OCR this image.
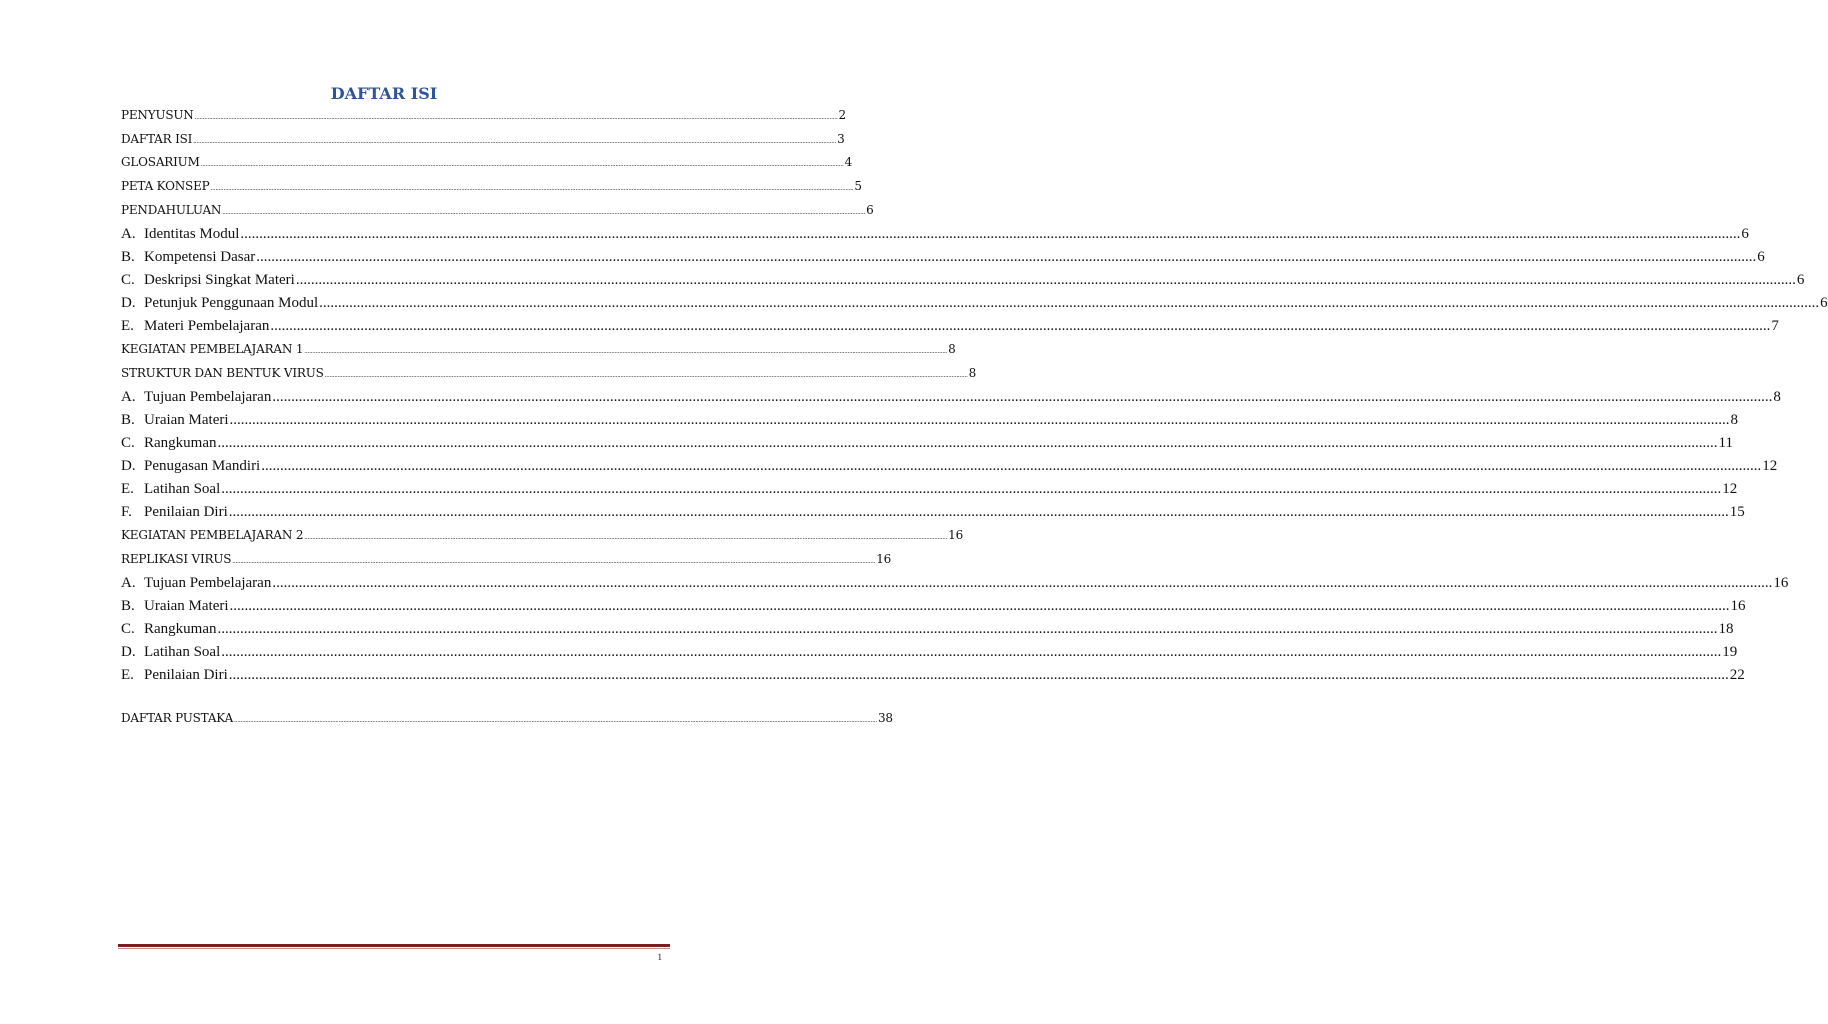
DAFTAR ISI
PENYUSUN ................................................................................................................................................................................................................................................................................................................................................................................................................ 2
DAFTAR ISI ................................................................................................................................................................................................................................................................................................................................................................................................................ 3
GLOSARIUM ................................................................................................................................................................................................................................................................................................................................................................................................................ 4
PETA KONSEP ................................................................................................................................................................................................................................................................................................................................................................................................................ 5
PENDAHULUAN ................................................................................................................................................................................................................................................................................................................................................................................................................ 6
A. Identitas Modul ................................................................................................................................................................................................................................................................................................................................................................................................................ 6
B. Kompetensi Dasar ................................................................................................................................................................................................................................................................................................................................................................................................................ 6
C. Deskripsi Singkat Materi ................................................................................................................................................................................................................................................................................................................................................................................................................ 6
D. Petunjuk Penggunaan Modul ................................................................................................................................................................................................................................................................................................................................................................................................................ 6
E. Materi Pembelajaran ................................................................................................................................................................................................................................................................................................................................................................................................................ 7
KEGIATAN PEMBELAJARAN 1 ................................................................................................................................................................................................................................................................................................................................................................................................................ 8
STRUKTUR DAN BENTUK VIRUS ................................................................................................................................................................................................................................................................................................................................................................................................................ 8
A. Tujuan Pembelajaran ................................................................................................................................................................................................................................................................................................................................................................................................................ 8
B. Uraian Materi ................................................................................................................................................................................................................................................................................................................................................................................................................ 8
C. Rangkuman ................................................................................................................................................................................................................................................................................................................................................................................................................ 11
D. Penugasan Mandiri ................................................................................................................................................................................................................................................................................................................................................................................................................ 12
E. Latihan Soal ................................................................................................................................................................................................................................................................................................................................................................................................................ 12
F. Penilaian Diri ................................................................................................................................................................................................................................................................................................................................................................................................................ 15
KEGIATAN PEMBELAJARAN 2 ................................................................................................................................................................................................................................................................................................................................................................................................................ 16
REPLIKASI VIRUS ................................................................................................................................................................................................................................................................................................................................................................................................................ 16
A. Tujuan Pembelajaran ................................................................................................................................................................................................................................................................................................................................................................................................................ 16
B. Uraian Materi ................................................................................................................................................................................................................................................................................................................................................................................................................ 16
C. Rangkuman ................................................................................................................................................................................................................................................................................................................................................................................................................ 18
D. Latihan Soal ................................................................................................................................................................................................................................................................................................................................................................................................................ 19
E. Penilaian Diri ................................................................................................................................................................................................................................................................................................................................................................................................................ 22
DAFTAR PUSTAKA ................................................................................................................................................................................................................................................................................................................................................................................................................ 38
1
